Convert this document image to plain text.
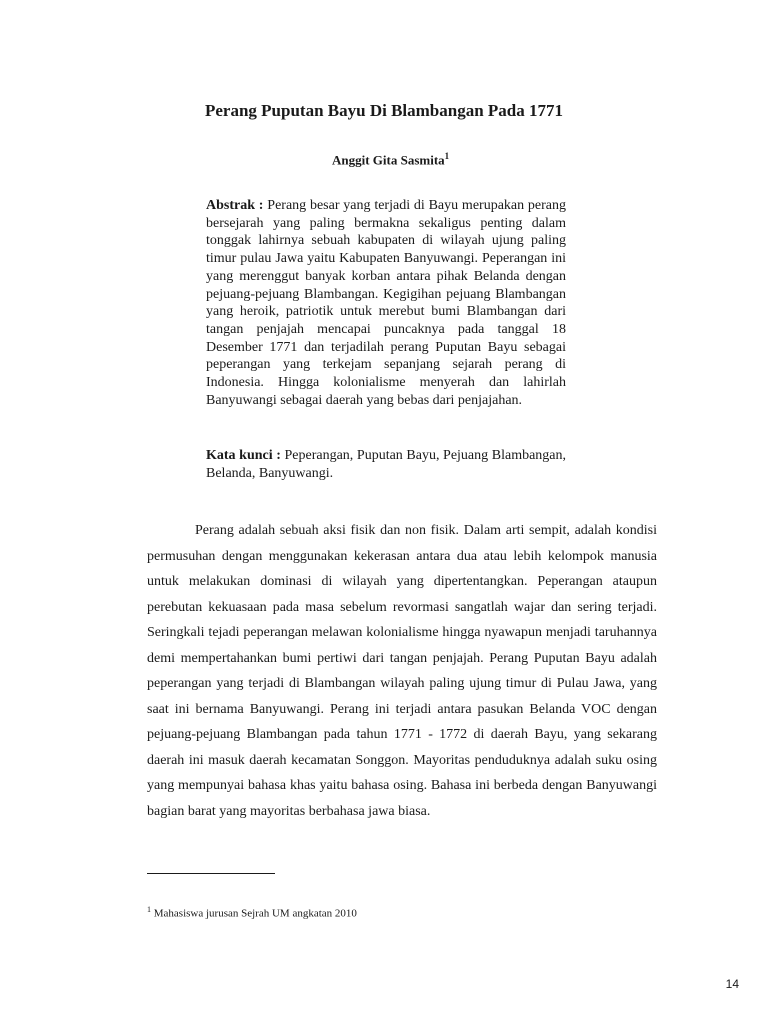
Perang Puputan Bayu Di Blambangan Pada 1771

Anggit Gita Sasmita$^1$

Abstrak : Perang besar yang terjadi di Bayu merupakan perang bersejarah yang paling bermakna sekaligus penting dalam tonggak lahirnya sebuah kabupaten di wilayah ujung paling timur pulau Jawa yaitu Kabupaten Banyuwangi. Peperangan ini yang merenggut banyak korban antara pihak Belanda dengan pejuang-pejuang Blambangan. Kegigihan pejuang Blambangan yang heroik, patriotik untuk merebut bumi Blambangan dari tangan penjajah mencapai puncaknya pada tanggal 18 Desember 1771 dan terjadilah perang Puputan Bayu sebagai peperangan yang terkejam sepanjang sejarah perang di Indonesia. Hingga kolonialisme menyerah dan lahirlah Banyuwangi sebagai daerah yang bebas dari penjajahan.

Kata kunci : Peperangan, Puputan Bayu, Pejuang Blambangan, Belanda, Banyuwangi.

Perang adalah sebuah aksi fisik dan non fisik. Dalam arti sempit, adalah kondisi permusuhan dengan menggunakan kekerasan antara dua atau lebih kelompok manusia untuk melakukan dominasi di wilayah yang dipertentangkan. Peperangan ataupun perebutan kekuasaan pada masa sebelum revormasi sangatlah wajar dan sering terjadi. Seringkali tejadi peperangan melawan kolonialisme hingga nyawapun menjadi taruhannya demi mempertahankan bumi pertiwi dari tangan penjajah. Perang Puputan Bayu adalah peperangan yang terjadi di Blambangan wilayah paling ujung timur di Pulau Jawa, yang saat ini bernama Banyuwangi. Perang ini terjadi antara pasukan Belanda VOC dengan pejuang-pejuang Blambangan pada tahun 1771 - 1772 di daerah Bayu, yang sekarang daerah ini masuk daerah kecamatan Songgon. Mayoritas penduduknya adalah suku osing yang mempunyai bahasa khas yaitu bahasa osing. Bahasa ini berbeda dengan Banyuwangi bagian barat yang mayoritas berbahasa jawa biasa.

$^1$ Mahasiswa jurusan Sejrah UM angkatan 2010

14
